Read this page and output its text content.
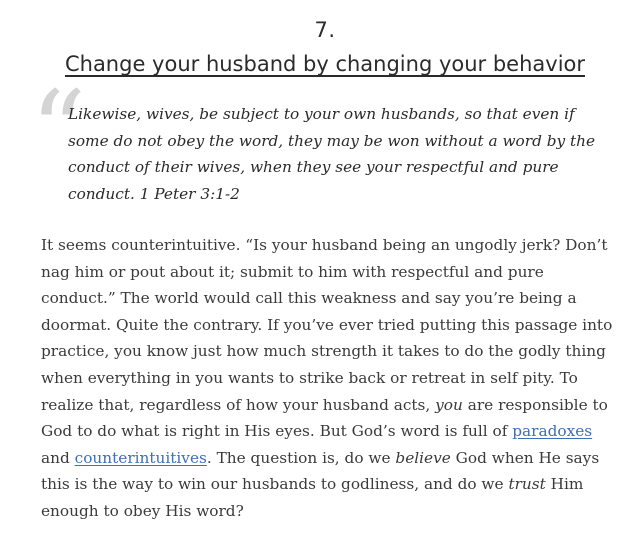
7.
Change your husband by changing your behavior
“

Likewise, wives, be subject to your own husbands, so that even if some do not obey the word, they may be won without a word by the conduct of their wives, when they see your respectful and pure conduct. 1 Peter 3:1-2

It seems counterintuitive. “Is your husband being an ungodly jerk? Don’t nag him or pout about it; submit to him with respectful and pure conduct.” The world would call this weakness and say you’re being a doormat. Quite the contrary. If you’ve ever tried putting this passage into practice, you know just how much strength it takes to do the godly thing when everything in you wants to strike back or retreat in self pity. To realize that, regardless of how your husband acts, you are responsible to God to do what is right in His eyes. But God’s word is full of paradoxes and counterintuitives. The question is, do we believe God when He says this is the way to win our husbands to godliness, and do we trust Him enough to obey His word?
